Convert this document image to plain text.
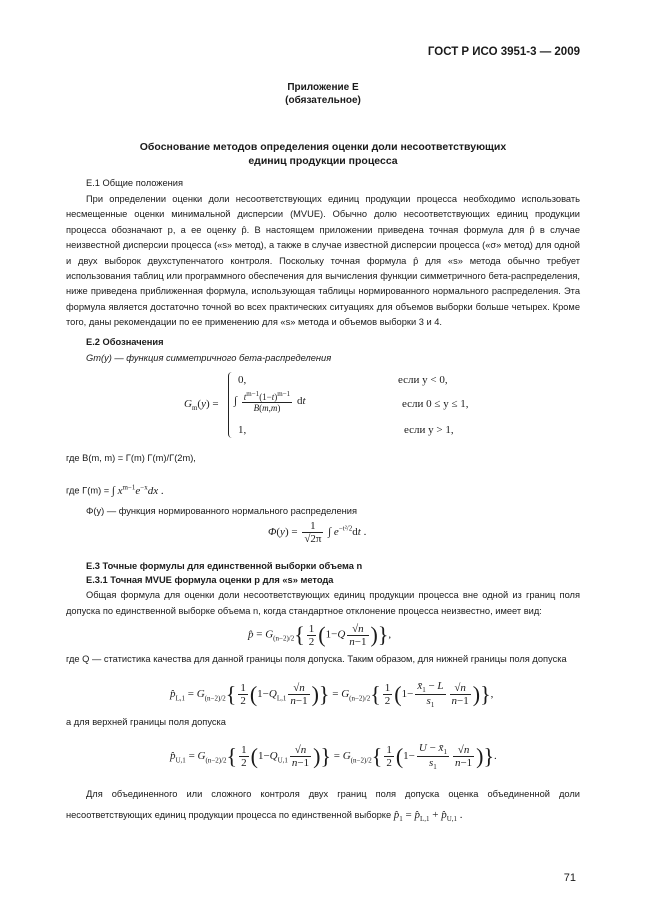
ГОСТ Р ИСО 3951-3 — 2009
Приложение Е
(обязательное)
Обоснование методов определения оценки доли несоответствующих
единиц продукции процесса
Е.1 Общие положения
При определении оценки доли несоответствующих единиц продукции процесса необходимо использовать несмещенные оценки минимальной дисперсии (MVUE). Обычно долю несоответствующих единиц продукции процесса обозначают p, а ее оценку p̂. В настоящем приложении приведена точная формула для p̂ в случае неизвестной дисперсии процесса («s» метод), а также в случае известной дисперсии процесса («σ» метод) для одной и двух выборок двухступенчатого контроля. Поскольку точная формула p̂ для «s» метода обычно требует использования таблиц или программного обеспечения для вычисления функции симметричного бета-распределения, ниже приведена приближенная формула, использующая таблицы нормированного нормального распределения. Эта формула является достаточно точной во всех практических ситуациях для объемов выборки больше четырех. Кроме того, даны рекомендации по ее применению для «s» метода и объемов выборки 3 и 4.
Е.2 Обозначения
Gm(y) — функция симметричного бета-распределения
$G_m(y)$ =
0,	если y < 0,
∫ $\frac{t^{m-1}(1-t)^{m-1}}{B(m,m)}$ dt	если 0 ≤ y ≤ 1,
1,	если y > 1,
где B(m, m) = Γ(m) Γ(m)/Γ(2m),
где Γ(m) = ∫ $x^{m-1}e^{-x}dx$ .
Φ(y) — функция нормированного нормального распределения
$\Phi(y) = \frac{1}{√2\pi}$ ∫ $e^{-t^2/2}dt$ .
Е.3 Точные формулы для единственной выборки объема n
Е.3.1 Точная MVUE формула оценки p для «s» метода
Общая формула для оценки доли несоответствующих единиц продукции процесса вне одной из границ поля допуска по единственной выборке объема n, когда стандартное отклонение процесса неизвестно, имеет вид:
p̂ = $G_{(n-2)/2}\{ \frac{1}{2} (1-Q \frac{√n}{n-1}$ )},
где Q — статистика качества для данной границы поля допуска. Таким образом, для нижней границы поля допуска
$p̂_{L,1} = G_{(n-2)/2}\{ \frac{1}{2} (1-Q_{L,1} \frac{√n}{n-1}$ )} = $G_{(n-2)/2}\{ \frac{1}{2} (1- \frac{x̄_1 - L}{s_1} \frac{√n}{n-1}$ )},
а для верхней границы поля допуска
$p̂_{U,1} = G_{(n-2)/2}\{ \frac{1}{2} (1-Q_{U,1} \frac{√n}{n-1}$ )} = $G_{(n-2)/2}\{ \frac{1}{2} (1- \frac{U - x̄_1}{s_1} \frac{√n}{n-1}$ )}.
Для объединенного или сложного контроля двух границ поля допуска оценка объединенной доли несоответствующих единиц продукции процесса по единственной выборке $p̂_1$ = $p̂_{L,1}$ + $p̂_{U,1}$ .
71
